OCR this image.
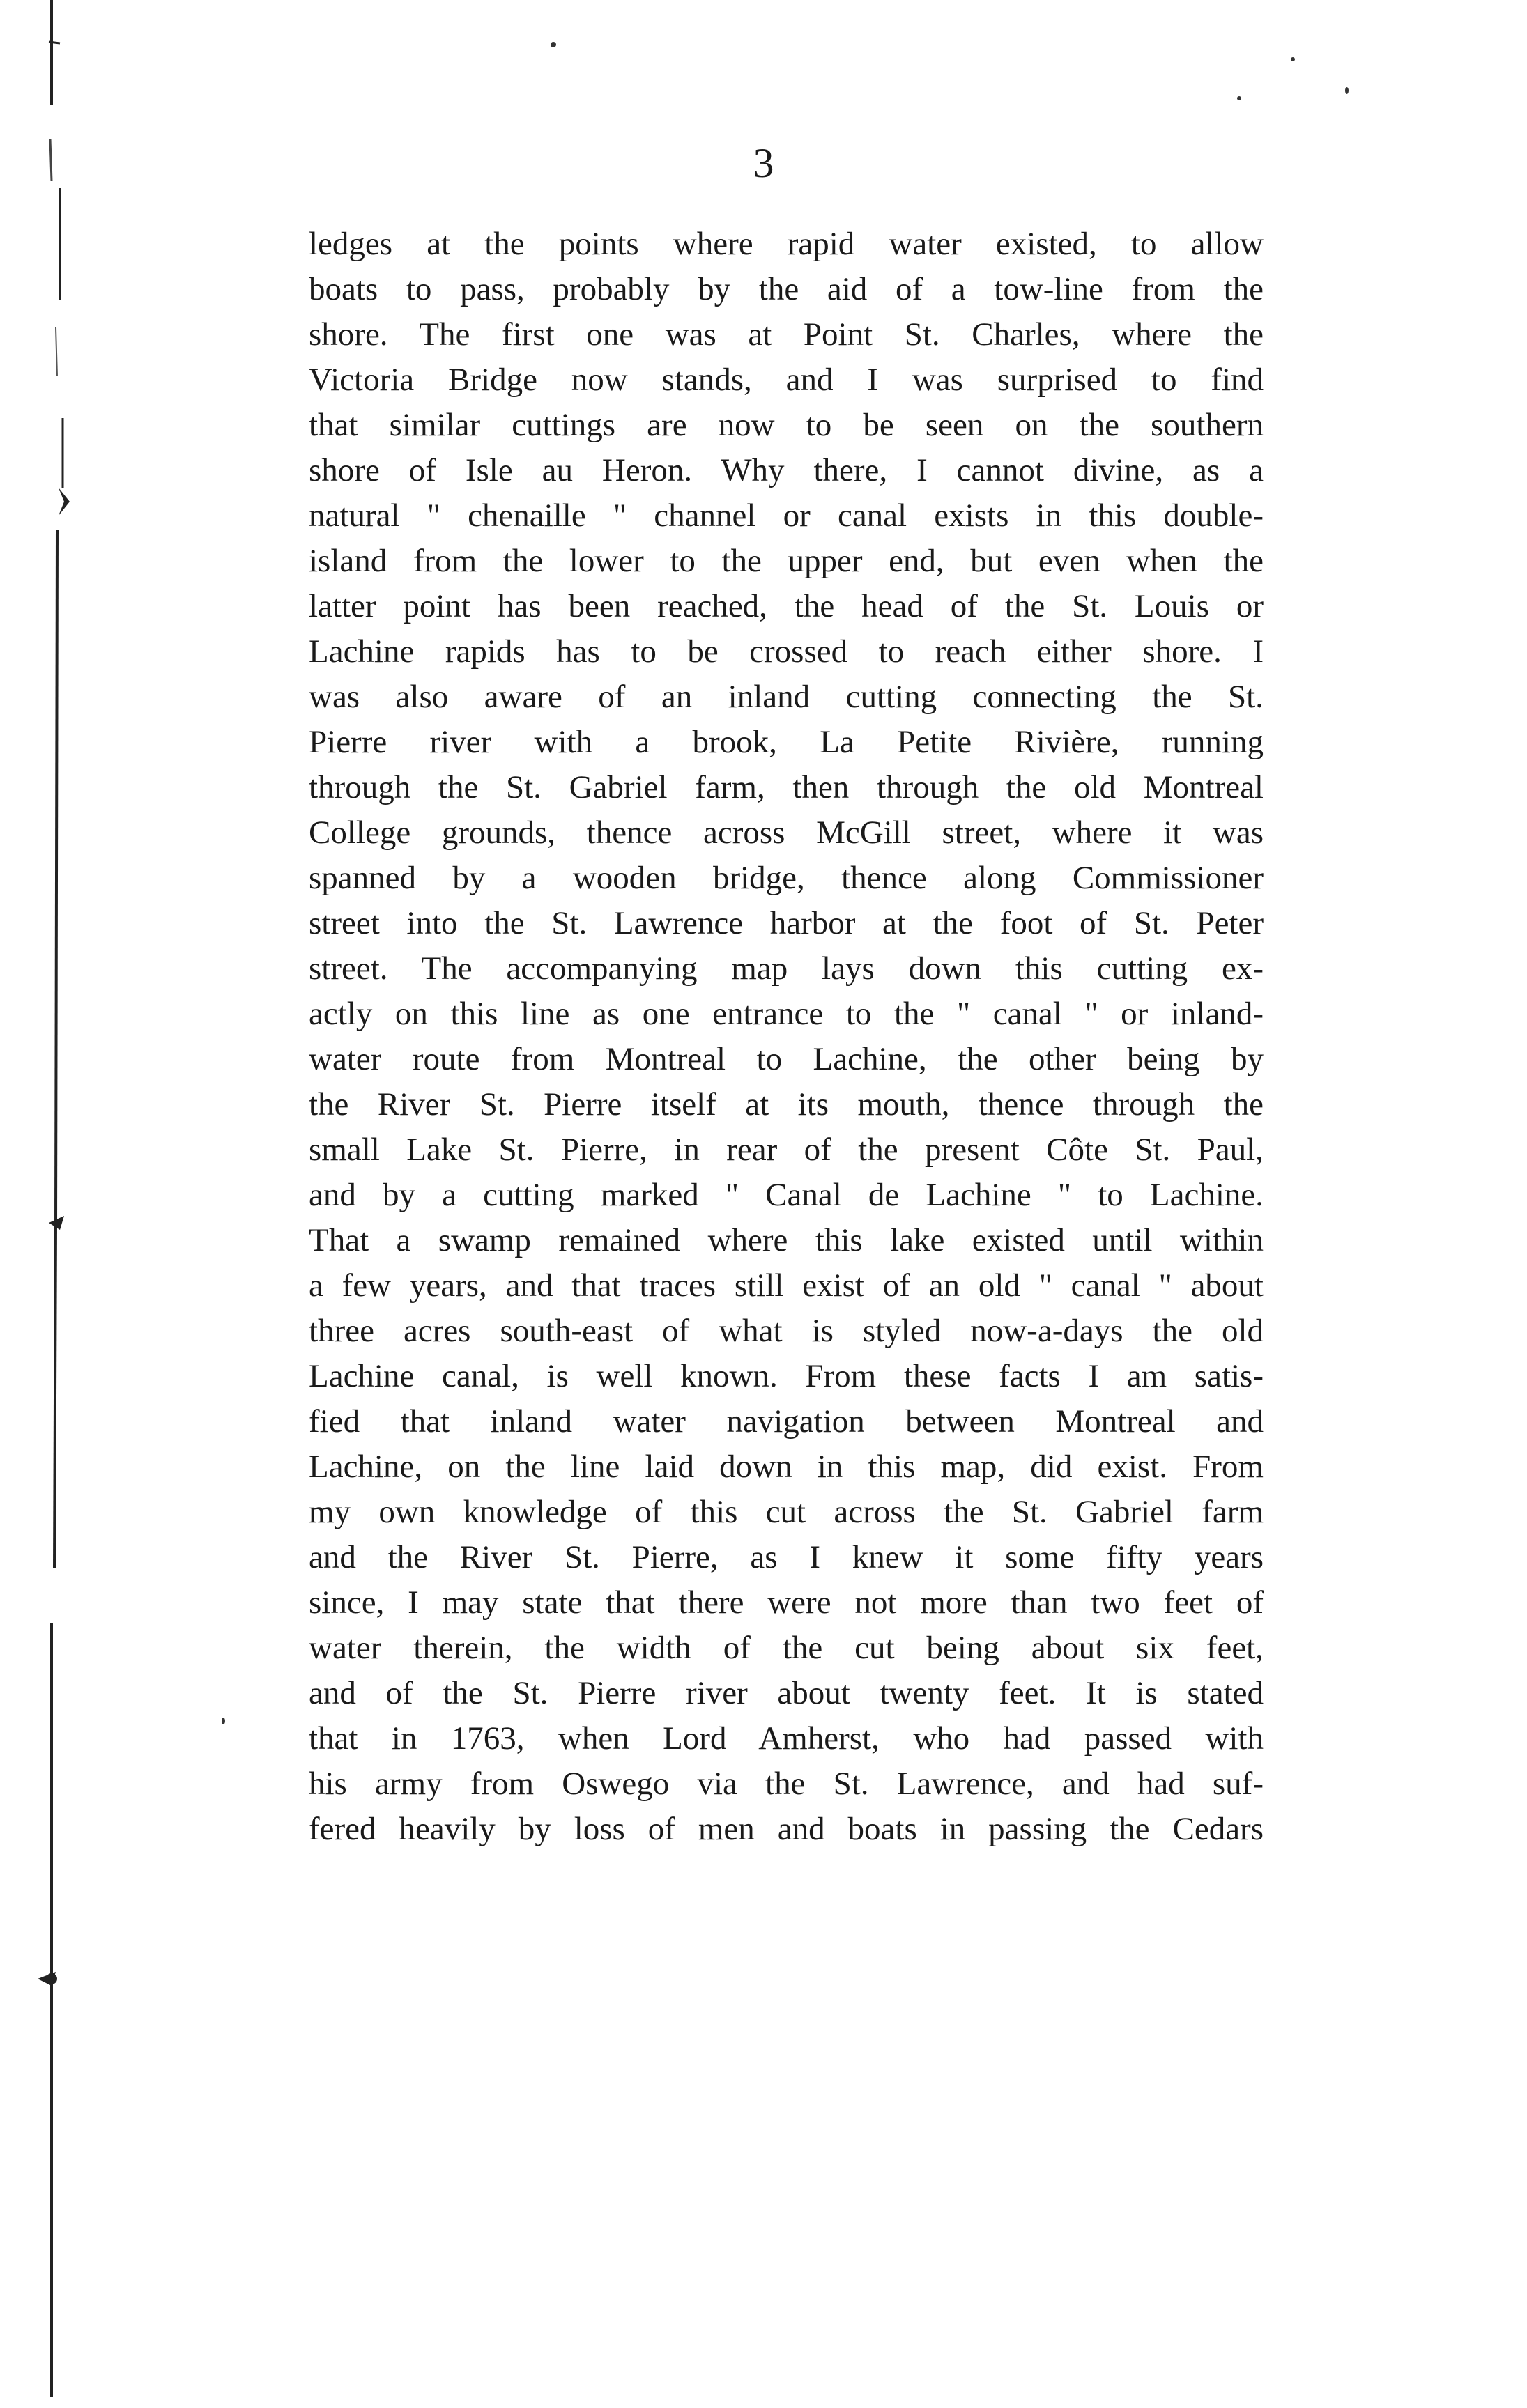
3
ledges at the points where rapid water existed, to allow
boats to pass, probably by the aid of a tow-line from the
shore. The first one was at Point St. Charles, where the
Victoria Bridge now stands, and I was surprised to find
that similar cuttings are now to be seen on the southern
shore of Isle au Heron. Why there, I cannot divine, as a
natural " chenaille " channel or canal exists in this double-
island from the lower to the upper end, but even when the
latter point has been reached, the head of the St. Louis or
Lachine rapids has to be crossed to reach either shore. I
was also aware of an inland cutting connecting the St.
Pierre river with a brook, La Petite Rivière, running
through the St. Gabriel farm, then through the old Montreal
College grounds, thence across McGill street, where it was
spanned by a wooden bridge, thence along Commissioner
street into the St. Lawrence harbor at the foot of St. Peter
street. The accompanying map lays down this cutting ex-
actly on this line as one entrance to the " canal " or inland-
water route from Montreal to Lachine, the other being by
the River St. Pierre itself at its mouth, thence through the
small Lake St. Pierre, in rear of the present Côte St. Paul,
and by a cutting marked " Canal de Lachine " to Lachine.
That a swamp remained where this lake existed until within
a few years, and that traces still exist of an old " canal " about
three acres south-east of what is styled now-a-days the old
Lachine canal, is well known. From these facts I am satis-
fied that inland water navigation between Montreal and
Lachine, on the line laid down in this map, did exist. From
my own knowledge of this cut across the St. Gabriel farm
and the River St. Pierre, as I knew it some fifty years
since, I may state that there were not more than two feet of
water therein, the width of the cut being about six feet,
and of the St. Pierre river about twenty feet. It is stated
that in 1763, when Lord Amherst, who had passed with
his army from Oswego via the St. Lawrence, and had suf-
fered heavily by loss of men and boats in passing the Cedars
